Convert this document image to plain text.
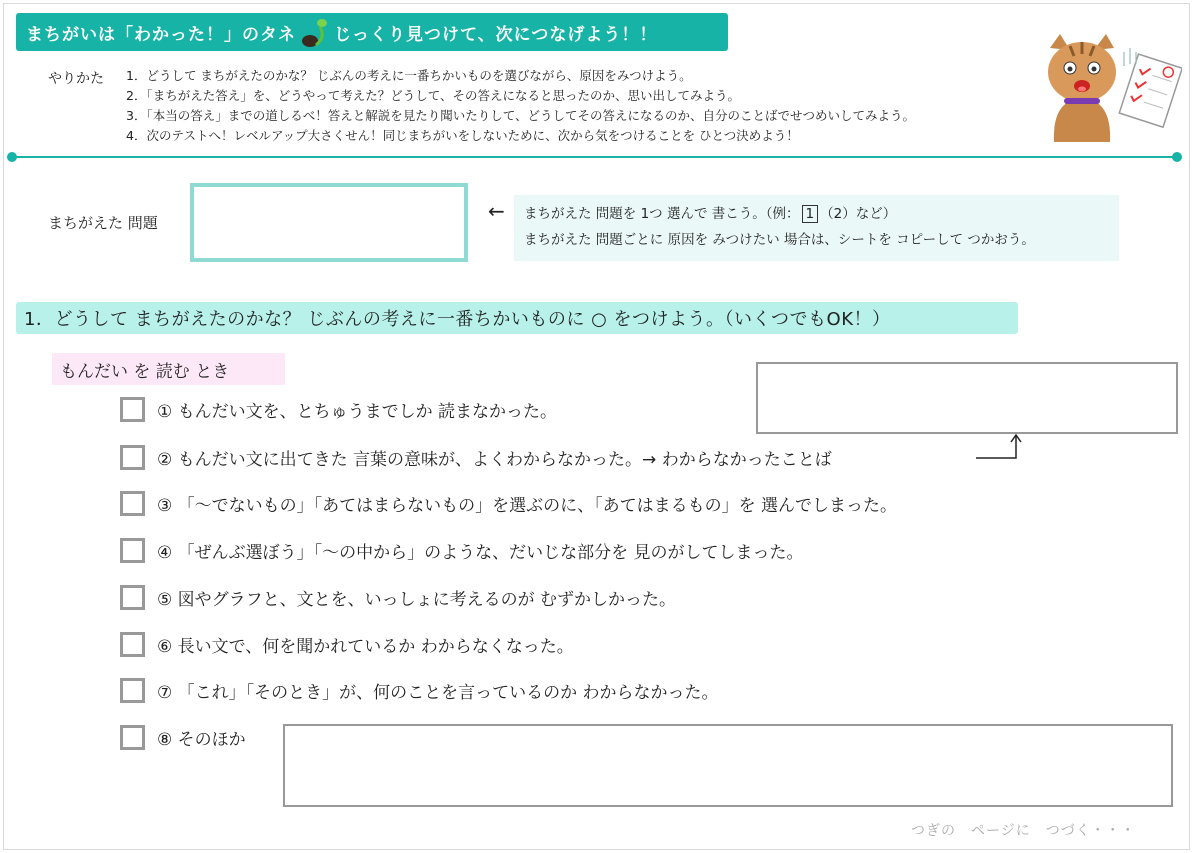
まちがいは「わかった！」のタネ じっくり見つけて、次につなげよう！！
やりかた 1．どうして まちがえたのかな？ じぶんの考えに一番ちかいものを選びながら、原因をみつけよう。
2．「まちがえた答え」を、どうやって考えた？どうして、その答えになると思ったのか、思い出してみよう。
3．「本当の答え」までの道しるべ！答えと解説を見たり聞いたりして、どうしてその答えになるのか、自分のことばでせつめいしてみよう。
4．次のテストへ！レベルアップ大さくせん！同じまちがいをしないために、次から気をつけることを ひとつ決めよう！
まちがえた 問題	← まちがえた 問題を 1つ 選んで 書こう。（例： 1 （2）など）
まちがえた 問題ごとに 原因を みつけたい 場合は、シートを コピーして つかおう。
1．どうして まちがえたのかな？ じぶんの考えに一番ちかいものに ○ をつけよう。（いくつでもOK！）
もんだい を 読む とき
① もんだい文を、とちゅうまでしか 読まなかった。
② もんだい文に出てきた 言葉の意味が、よくわからなかった。→ わからなかったことば
③ 「〜でないもの」「あてはまらないもの」を選ぶのに、「あてはまるもの」を 選んでしまった。
④ 「ぜんぶ選ぼう」「〜の中から」のような、だいじな部分を 見のがしてしまった。
⑤ 図やグラフと、文とを、いっしょに考えるのが むずかしかった。
⑥ 長い文で、何を聞かれているか わからなくなった。
⑦ 「これ」「そのとき」が、何のことを言っているのか わからなかった。
⑧ そのほか
つぎの　ページに　つづく・・・
